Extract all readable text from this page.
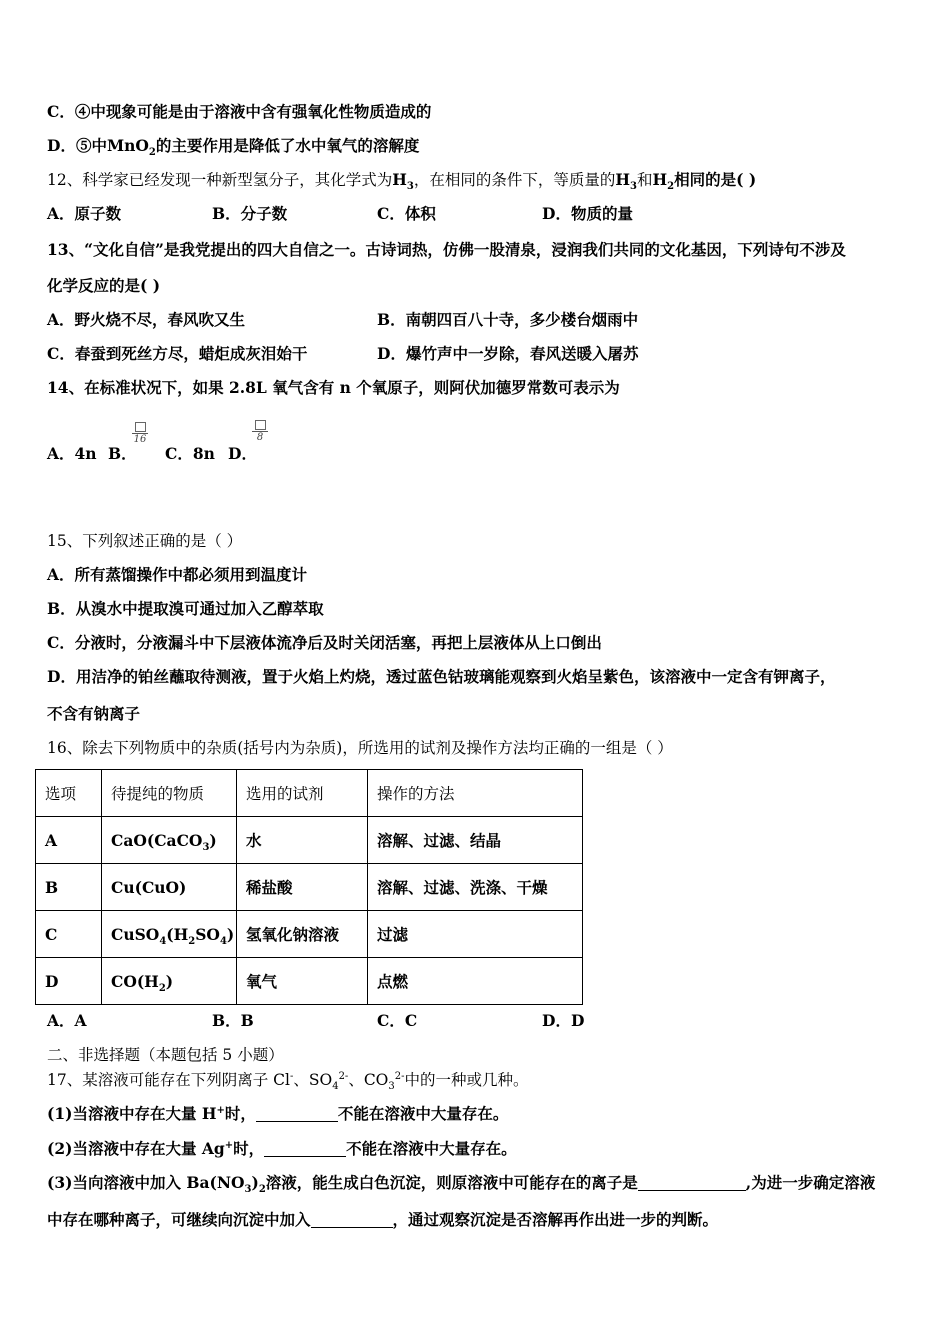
C．④中现象可能是由于溶液中含有强氧化性物质造成的
D．⑤中MnO$_2$的主要作用是降低了水中氧气的溶解度
12、科学家已经发现一种新型氢分子，其化学式为$H_3$，在相同的条件下，等质量的$H_3$和$H_2$相同的是( )
A．原子数	B．分子数	C．体积	D．物质的量
13、“文化自信”是我党提出的四大自信之一。古诗词热，仿佛一股清泉，浸润我们共同的文化基因，下列诗句不涉及
化学反应的是( )
A．野火烧不尽，春风吹又生	B．南朝四百八十寺，多少楼台烟雨中
C．春蚕到死丝方尽，蜡炬成灰泪始干	D．爆竹声中一岁除，春风送暖入屠苏
14、在标准状况下，如果 2.8L 氧气含有 n 个氧原子，则阿伏加德罗常数可表示为
A．4n B．
16
C．8n D．
8
15、下列叙述正确的是（ ）
A．所有蒸馏操作中都必须用到温度计
B．从溴水中提取溴可通过加入乙醇萃取
C．分液时，分液漏斗中下层液体流净后及时关闭活塞，再把上层液体从上口倒出
D．用洁净的铂丝蘸取待测液，置于火焰上灼烧，透过蓝色钴玻璃能观察到火焰呈紫色，该溶液中一定含有钾离子，
不含有钠离子
16、除去下列物质中的杂质(括号内为杂质)，所选用的试剂及操作方法均正确的一组是（ ）
选项	待提纯的物质	选用的试剂	操作的方法
A	CaO(CaCO$_3$)	水	溶解、过滤、结晶
B	Cu(CuO)	稀盐酸	溶解、过滤、洗涤、干燥
C	$CuSO_4(H_2SO_4)$	氢氧化钠溶液	过滤
D	$CO(H_2)$	氧气	点燃
A．A	B．B	C．C	D．D
二、非选择题（本题包括 5 小题）
17、某溶液可能存在下列阴离子 Cl-、$SO_4^{2-}$、$CO_3^{2-}$中的一种或几种。
(1)当溶液中存在大量 H+时，	不能在溶液中大量存在。
(2)当溶液中存在大量 Ag+时，	不能在溶液中大量存在。
(3)当向溶液中加入 $Ba(NO_3)_2$溶液，能生成白色沉淀，则原溶液中可能存在的离子是	,为进一步确定溶液
中存在哪种离子，可继续向沉淀中加入	，通过观察沉淀是否溶解再作出进一步的判断。
